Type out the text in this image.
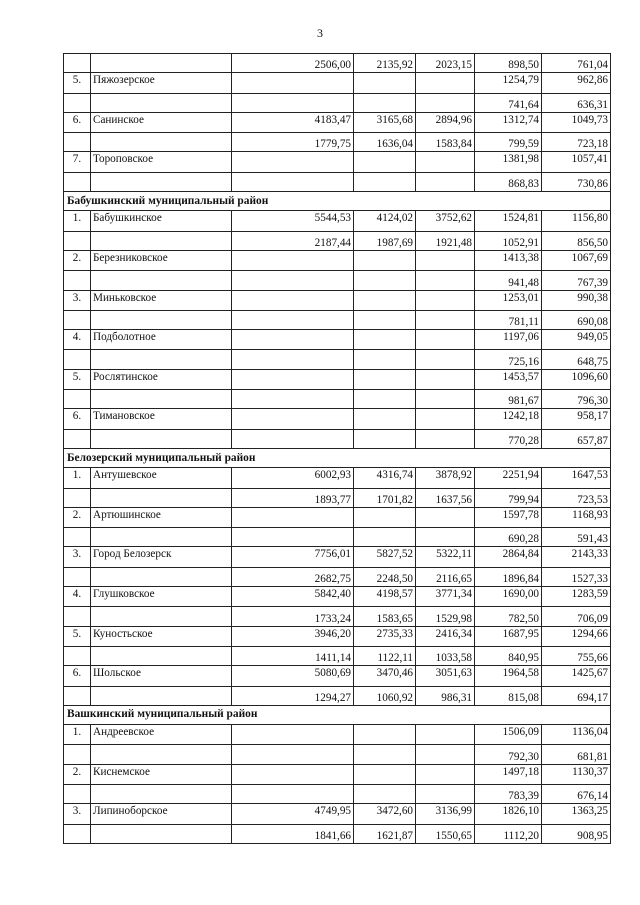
3
		2506,00	2135,92	2023,15	898,50	761,04	
5.	Пяжозерское				1254,79	962,86	
					741,64	636,31	
6.	Санинское	4183,47	3165,68	2894,96	1312,74	1049,73	
		1779,75	1636,04	1583,84	799,59	723,18	
7.	Тороповское				1381,98	1057,41	
					868,83	730,86	
Бабушкинский муниципальный район							
1.	Бабушкинское	5544,53	4124,02	3752,62	1524,81	1156,80	
		2187,44	1987,69	1921,48	1052,91	856,50	
2.	Березниковское				1413,38	1067,69	
					941,48	767,39	
3.	Миньковское				1253,01	990,38	
					781,11	690,08	
4.	Подболотное				1197,06	949,05	
					725,16	648,75	
5.	Рослятинское				1453,57	1096,60	
					981,67	796,30	
6.	Тимановское				1242,18	958,17	
					770,28	657,87	
Белозерский муниципальный район							
1.	Антушевское	6002,93	4316,74	3878,92	2251,94	1647,53	
		1893,77	1701,82	1637,56	799,94	723,53	
2.	Артюшинское				1597,78	1168,93	
					690,28	591,43	
3.	Город Белозерск	7756,01	5827,52	5322,11	2864,84	2143,33	
		2682,75	2248,50	2116,65	1896,84	1527,33	
4.	Глушковское	5842,40	4198,57	3771,34	1690,00	1283,59	
		1733,24	1583,65	1529,98	782,50	706,09	
5.	Куностьское	3946,20	2735,33	2416,34	1687,95	1294,66	
		1411,14	1122,11	1033,58	840,95	755,66	
6.	Шольское	5080,69	3470,46	3051,63	1964,58	1425,67	
		1294,27	1060,92	986,31	815,08	694,17	
Вашкинский муниципальный район							
1.	Андреевское				1506,09	1136,04	
					792,30	681,81	
2.	Киснемское				1497,18	1130,37	
					783,39	676,14	
3.	Липиноборское	4749,95	3472,60	3136,99	1826,10	1363,25	
		1841,66	1621,87	1550,65	1112,20	908,95	
